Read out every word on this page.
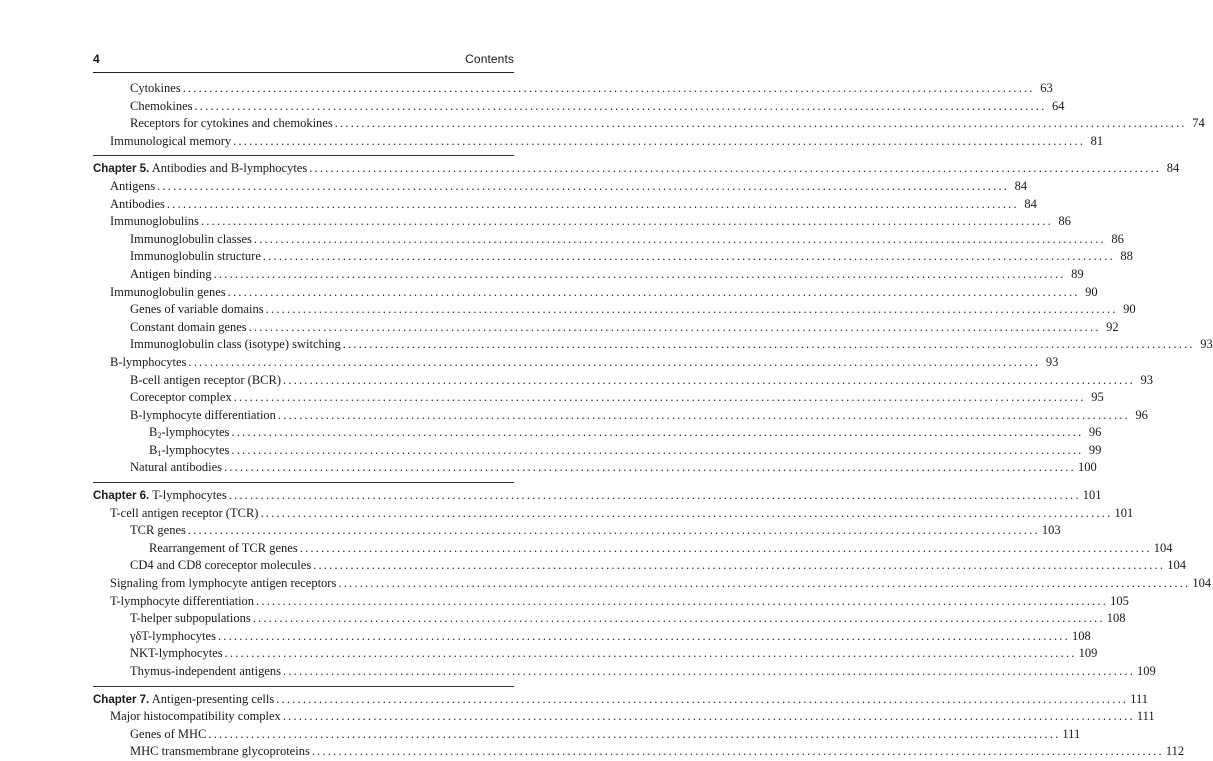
4	Contents
Cytokines ................................................................................................................................................................ 63
Chemokines ................................................................................................................................................................ 64
Receptors for cytokines and chemokines ................................................................................................................................................................ 74
Immunological memory ................................................................................................................................................................ 81
Chapter 5. Antibodies and B-lymphocytes ................................................................................................................................................................ 84
Antigens ................................................................................................................................................................ 84
Antibodies ................................................................................................................................................................ 84
Immunoglobulins ................................................................................................................................................................ 86
Immunoglobulin classes ................................................................................................................................................................ 86
Immunoglobulin structure ................................................................................................................................................................ 88
Antigen binding ................................................................................................................................................................ 89
Immunoglobulin genes ................................................................................................................................................................ 90
Genes of variable domains ................................................................................................................................................................ 90
Constant domain genes ................................................................................................................................................................ 92
Immunoglobulin class (isotype) switching ................................................................................................................................................................ 93
B-lymphocytes ................................................................................................................................................................ 93
B-cell antigen receptor (BCR) ................................................................................................................................................................ 93
Coreceptor complex ................................................................................................................................................................ 95
B-lymphocyte differentiation ................................................................................................................................................................ 96
$B_2$-lymphocytes ................................................................................................................................................................ 96
$B_1$-lymphocytes ................................................................................................................................................................ 99
Natural antibodies ................................................................................................................................................................ 100
Chapter 6. T-lymphocytes ................................................................................................................................................................ 101
T-cell antigen receptor (TCR) ................................................................................................................................................................ 101
TCR genes ................................................................................................................................................................ 103
Rearrangement of TCR genes ................................................................................................................................................................ 104
CD4 and CD8 coreceptor molecules ................................................................................................................................................................ 104
Signaling from lymphocyte antigen receptors ................................................................................................................................................................ 104
T-lymphocyte differentiation ................................................................................................................................................................ 105
T-helper subpopulations ................................................................................................................................................................ 108
γδT-lymphocytes ................................................................................................................................................................ 108
NKT-lymphocytes ................................................................................................................................................................ 109
Thymus-independent antigens ................................................................................................................................................................ 109
Chapter 7. Antigen-presenting cells ................................................................................................................................................................ 111
Major histocompatibility complex ................................................................................................................................................................ 111
Genes of MHC ................................................................................................................................................................ 111
MHC transmembrane glycoproteins ................................................................................................................................................................ 112
